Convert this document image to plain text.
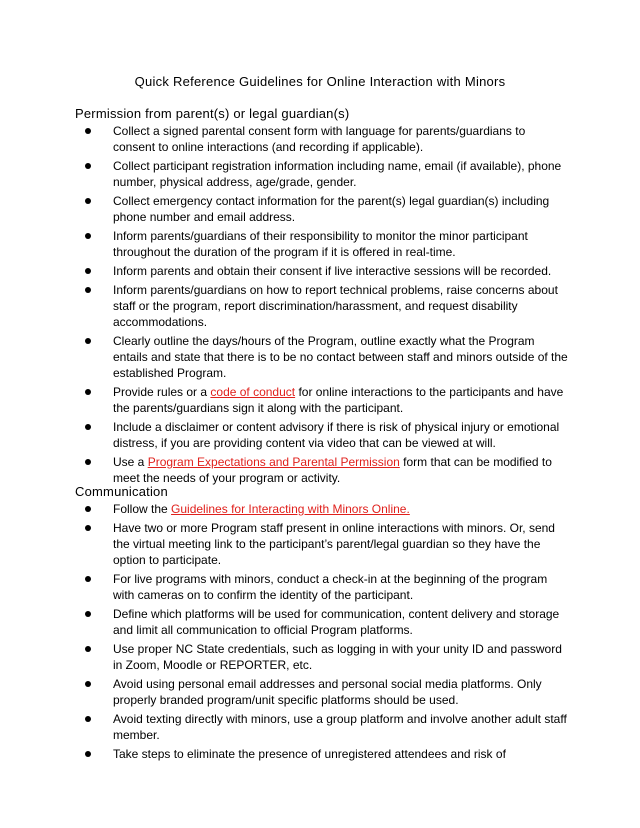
Quick Reference Guidelines for Online Interaction with Minors
Permission from parent(s) or legal guardian(s)
Collect a signed parental consent form with language for parents/guardians to consent to online interactions (and recording if applicable).
Collect participant registration information including name, email (if available), phone number, physical address, age/grade, gender.
Collect emergency contact information for the parent(s) legal guardian(s) including phone number and email address.
Inform parents/guardians of their responsibility to monitor the minor participant throughout the duration of the program if it is offered in real-time.
Inform parents and obtain their consent if live interactive sessions will be recorded.
Inform parents/guardians on how to report technical problems, raise concerns about staff or the program, report discrimination/harassment, and request disability accommodations.
Clearly outline the days/hours of the Program, outline exactly what the Program entails and state that there is to be no contact between staff and minors outside of the established Program.
Provide rules or a code of conduct for online interactions to the participants and have the parents/guardians sign it along with the participant.
Include a disclaimer or content advisory if there is risk of physical injury or emotional distress, if you are providing content via video that can be viewed at will.
Use a Program Expectations and Parental Permission form that can be modified to meet the needs of your program or activity.
Communication
Follow the Guidelines for Interacting with Minors Online.
Have two or more Program staff present in online interactions with minors. Or, send the virtual meeting link to the participant’s parent/legal guardian so they have the option to participate.
For live programs with minors, conduct a check-in at the beginning of the program with cameras on to confirm the identity of the participant.
Define which platforms will be used for communication, content delivery and storage and limit all communication to official Program platforms.
Use proper NC State credentials, such as logging in with your unity ID and password in Zoom, Moodle or REPORTER, etc.
Avoid using personal email addresses and personal social media platforms. Only properly branded program/unit specific platforms should be used.
Avoid texting directly with minors, use a group platform and involve another adult staff member.
Take steps to eliminate the presence of unregistered attendees and risk of
